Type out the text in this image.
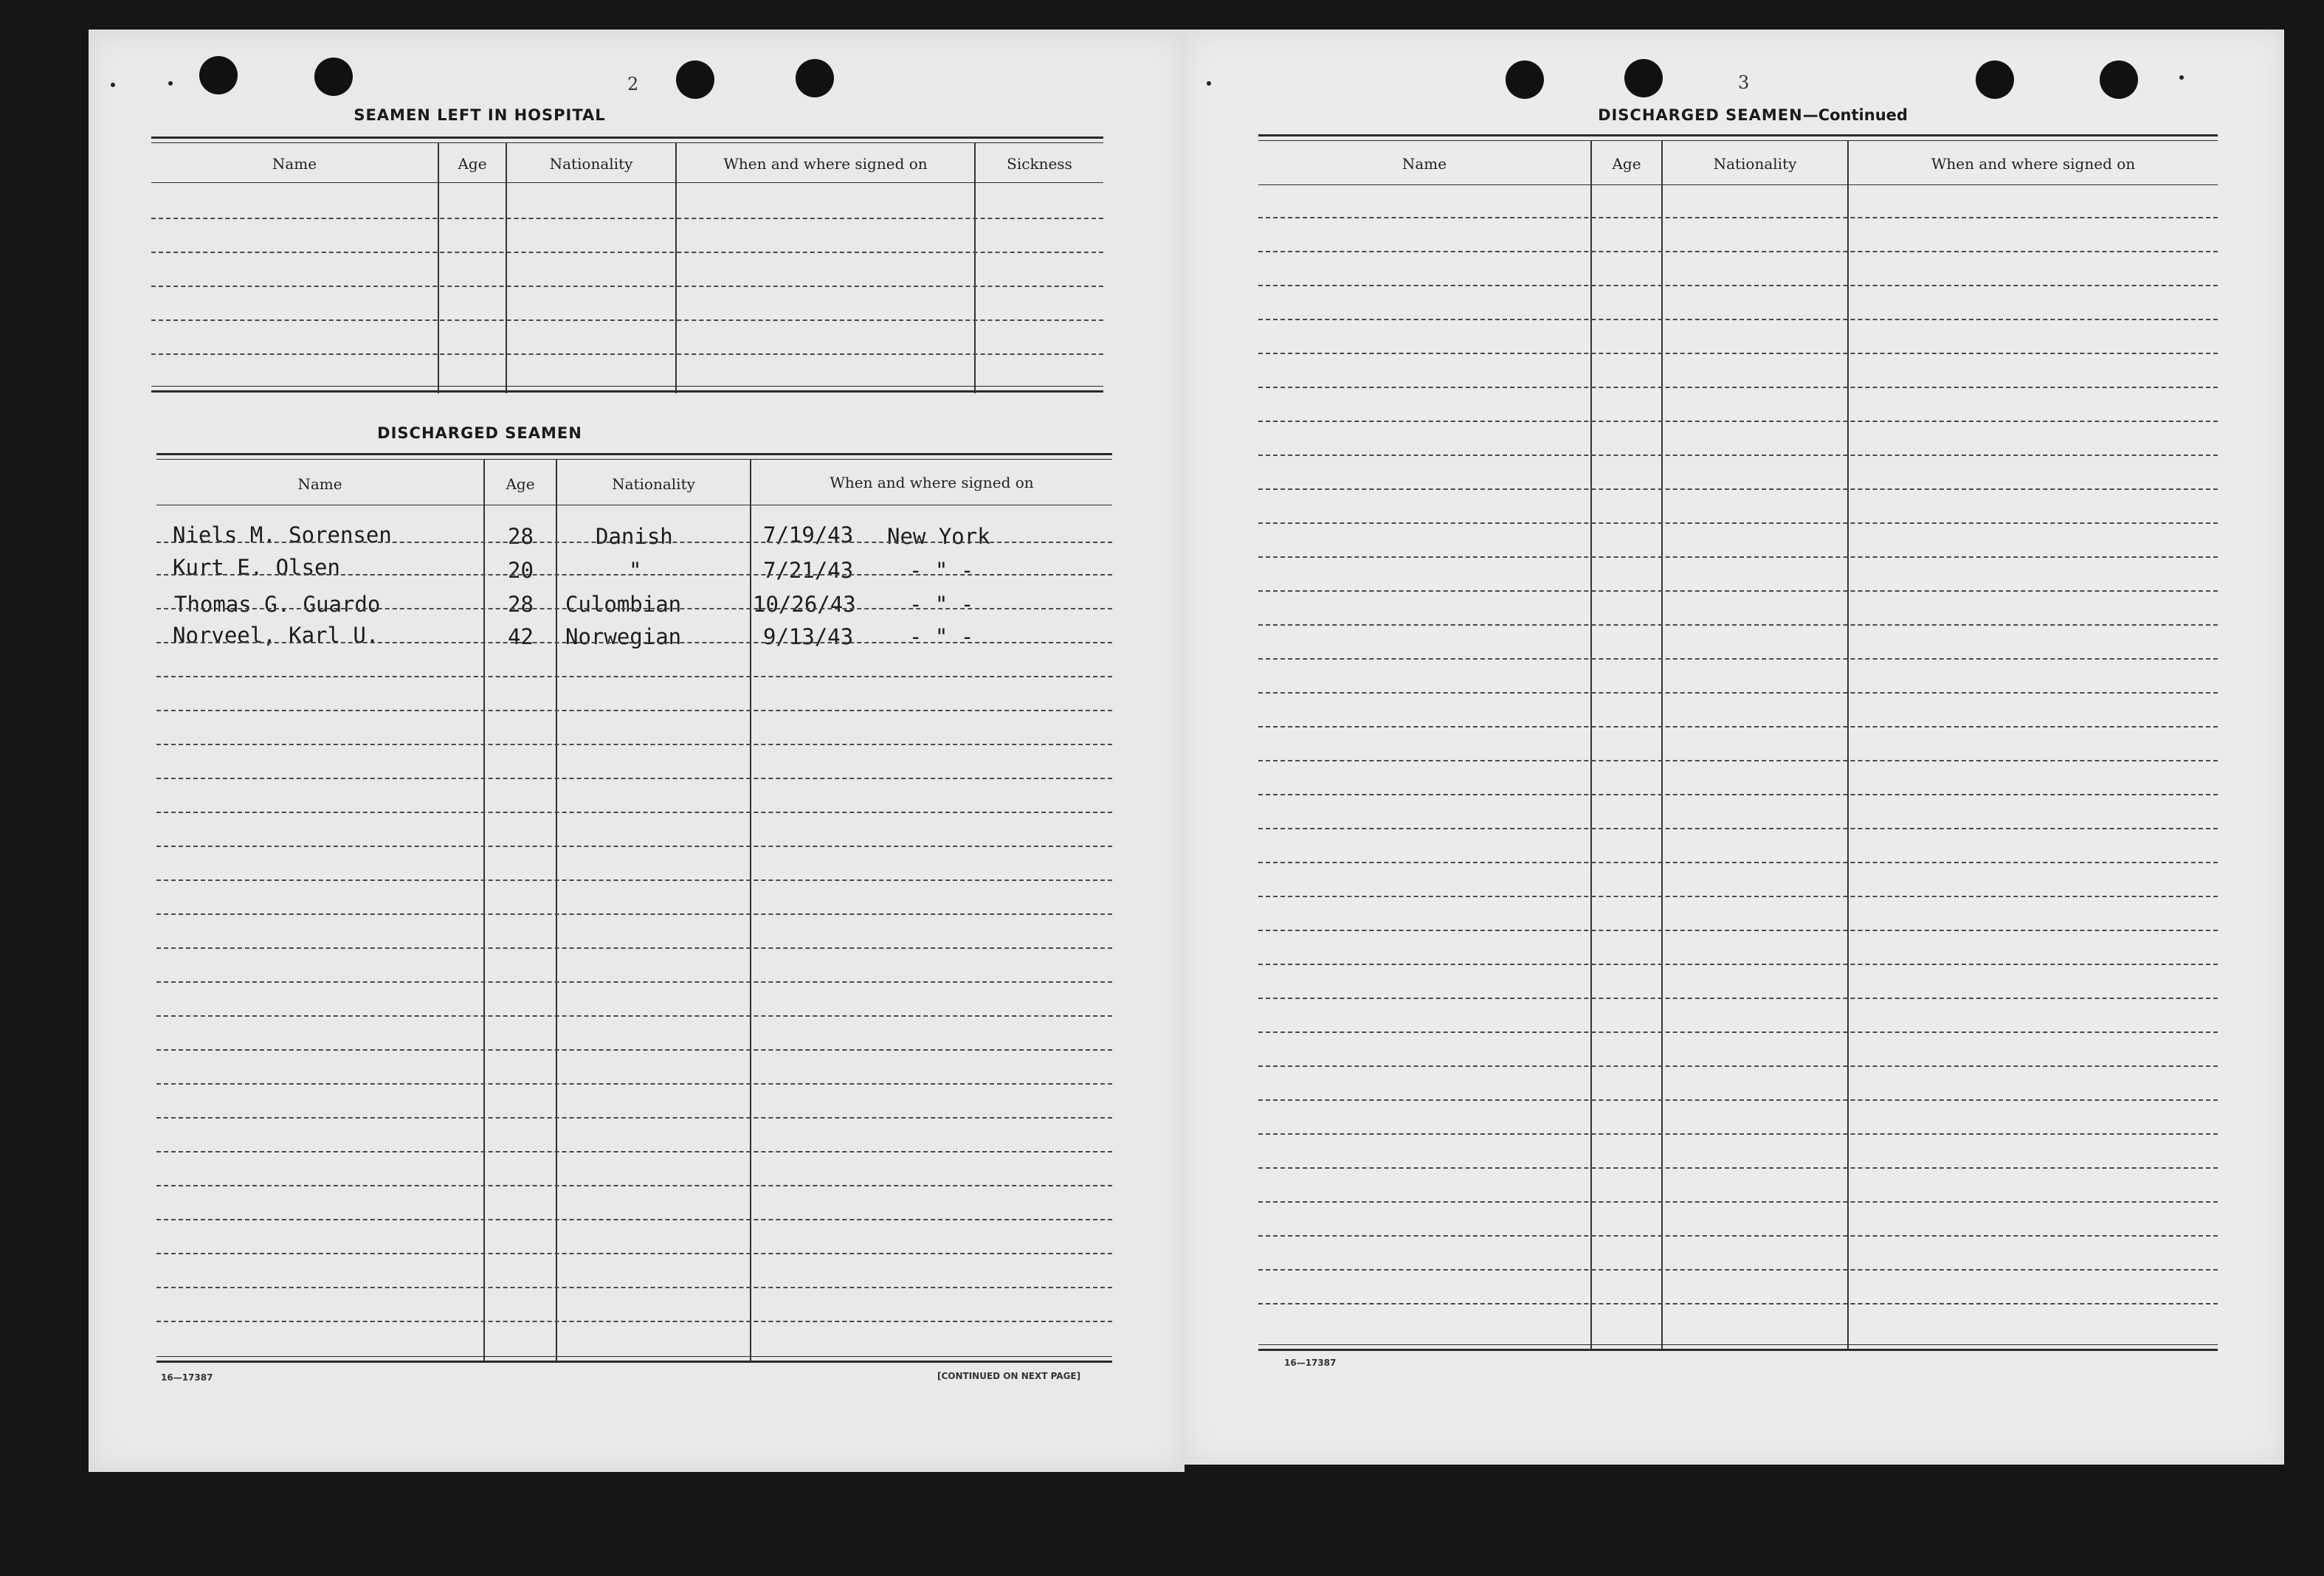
2
SEAMEN LEFT IN HOSPITAL
Name	Age	Nationality	When and where signed on	Sickness
DISCHARGED SEAMEN
Name	Age	Nationality	When and where signed on
Niels M. Sorensen	28	Danish	7/19/43 New York
Kurt E. Olsen	20	"	7/21/43	- " -
Thomas G. Guardo	28 Culombian	10/26/43 - " -
Norveel, Karl U.	42 Norwegian	9/13/43	- " -
16—17387	[CONTINUED ON NEXT PAGE]
3
DISCHARGED SEAMEN—Continued
Name	Age	Nationality	When and where signed on
16—17387
